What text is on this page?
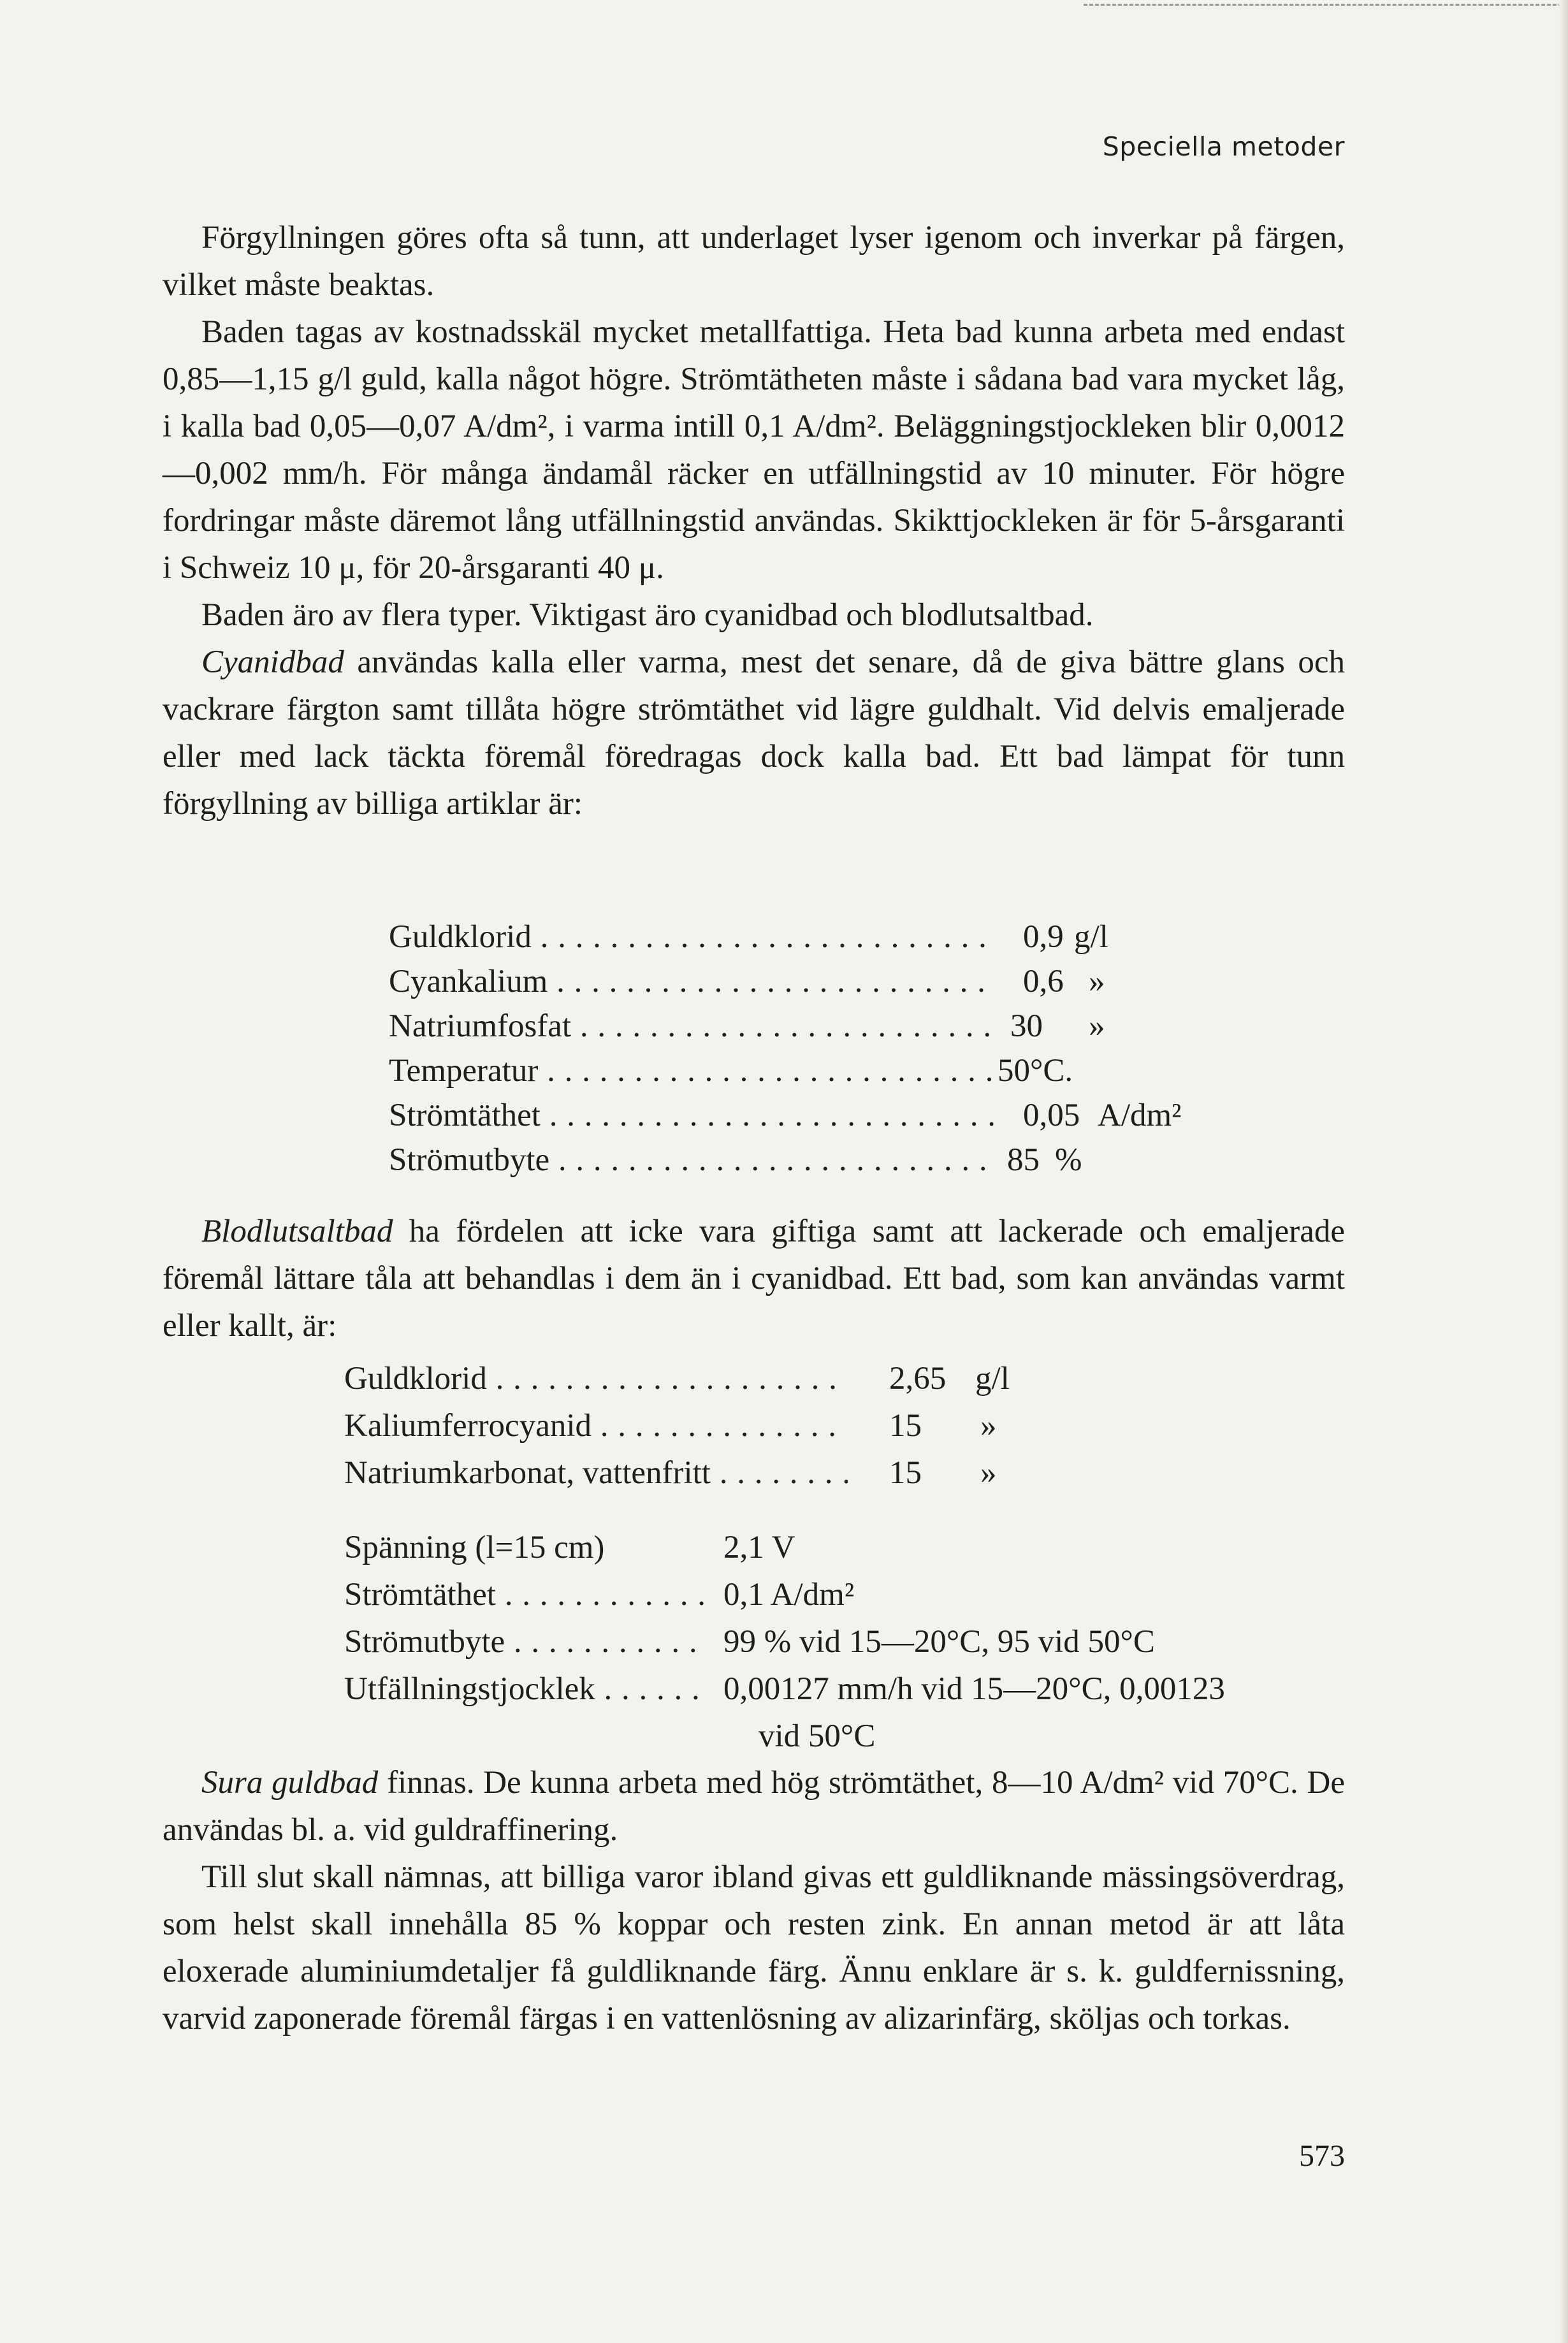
Speciella metoder

Förgyllningen göres ofta så tunn, att underlaget lyser igenom och inverkar på färgen, vilket måste beaktas.

Baden tagas av kostnadsskäl mycket metallfattiga. Heta bad kunna arbeta med endast 0,85—1,15 g/l guld, kalla något högre. Strömtätheten måste i sådana bad vara mycket låg, i kalla bad 0,05—0,07 A/dm², i varma intill 0,1 A/dm². Beläggningstjockleken blir 0,0012—0,002 mm/h. För många ändamål räcker en utfällningstid av 10 minuter. För högre fordringar måste däremot lång utfällningstid användas. Skikttjockleken är för 5-årsgaranti i Schweiz 10 μ, för 20-årsgaranti 40 μ.

Baden äro av flera typer. Viktigast äro cyanidbad och blodlutsaltbad.

Cyanidbad användas kalla eller varma, mest det senare, då de giva bättre glans och vackrare färgton samt tillåta högre strömtäthet vid lägre guldhalt. Vid delvis emaljerade eller med lack täckta föremål föredragas dock kalla bad. Ett bad lämpat för tunn förgyllning av billiga artiklar är:

Guldklorid . . .	0,9 g/l
Cyankalium . . .	0,6 »
Natriumfosfat . . .	30 »
Temperatur . . .	50°C.
Strömtäthet . . .	0,05 A/dm²
Strömutbyte . . .	85 %

Blodlutsaltbad ha fördelen att icke vara giftiga samt att lackerade och emaljerade föremål lättare tåla att behandlas i dem än i cyanidbad. Ett bad, som kan användas varmt eller kallt, är:

Guldklorid . . .	2,65 g/l
Kaliumferrocyanid . . .	15 »
Natriumkarbonat, vattenfritt . . .	15 »
Spänning (l=15 cm)	2,1 V
Strömtäthet . . .	0,1 A/dm²
Strömutbyte . . .	99 % vid 15—20°C, 95 vid 50°C
Utfällningstjocklek . . .	0,00127 mm/h vid 15—20°C, 0,00123
vid 50°C

Sura guldbad finnas. De kunna arbeta med hög strömtäthet, 8—10 A/dm² vid 70°C. De användas bl. a. vid guldraffinering.

Till slut skall nämnas, att billiga varor ibland givas ett guldliknande mässingsöverdrag, som helst skall innehålla 85 % koppar och resten zink. En annan metod är att låta eloxerade aluminiumdetaljer få guldliknande färg. Ännu enklare är s. k. guldfernissning, varvid zaponerade föremål färgas i en vattenlösning av alizarinfärg, sköljas och torkas.

573
